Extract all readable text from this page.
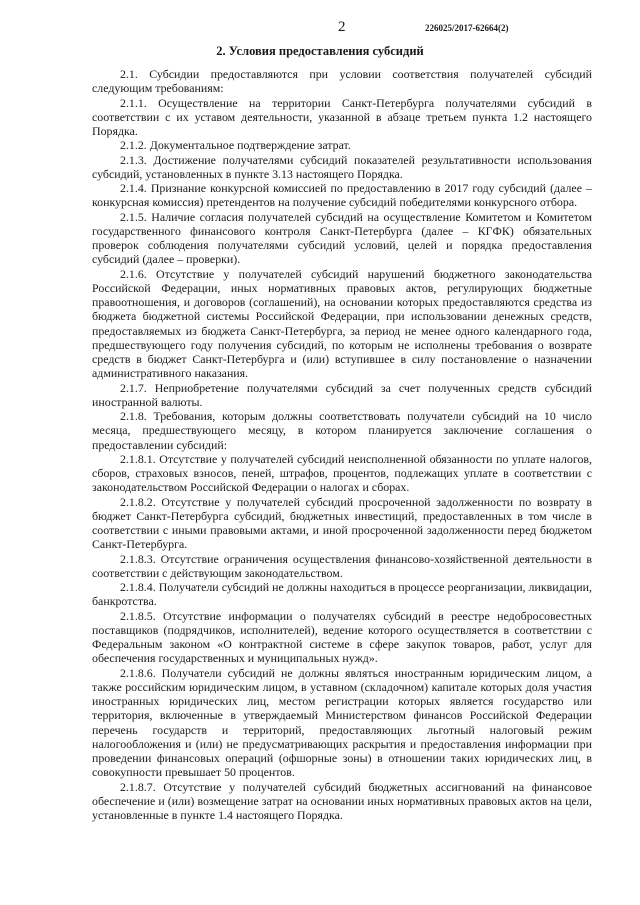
2	226025/2017-62664(2)
2. Условия предоставления субсидий

2.1. Субсидии предоставляются при условии соответствия получателей субсидий следующим требованиям:

2.1.1. Осуществление на территории Санкт-Петербурга получателями субсидий в соответствии с их уставом деятельности, указанной в абзаце третьем пункта 1.2 настоящего Порядка.

2.1.2. Документальное подтверждение затрат.

2.1.3. Достижение получателями субсидий показателей результативности использования субсидий, установленных в пункте 3.13 настоящего Порядка.

2.1.4. Признание конкурсной комиссией по предоставлению в 2017 году субсидий (далее – конкурсная комиссия) претендентов на получение субсидий победителями конкурсного отбора.

2.1.5. Наличие согласия получателей субсидий на осуществление Комитетом и Комитетом государственного финансового контроля Санкт-Петербурга (далее – КГФК) обязательных проверок соблюдения получателями субсидий условий, целей и порядка предоставления субсидий (далее – проверки).

2.1.6. Отсутствие у получателей субсидий нарушений бюджетного законодательства Российской Федерации, иных нормативных правовых актов, регулирующих бюджетные правоотношения, и договоров (соглашений), на основании которых предоставляются средства из бюджета бюджетной системы Российской Федерации, при использовании денежных средств, предоставляемых из бюджета Санкт-Петербурга, за период не менее одного календарного года, предшествующего году получения субсидий, по которым не исполнены требования о возврате средств в бюджет Санкт-Петербурга и (или) вступившее в силу постановление о назначении административного наказания.

2.1.7. Неприобретение получателями субсидий за счет полученных средств субсидий иностранной валюты.

2.1.8. Требования, которым должны соответствовать получатели субсидий на 10 число месяца, предшествующего месяцу, в котором планируется заключение соглашения о предоставлении субсидий:

2.1.8.1. Отсутствие у получателей субсидий неисполненной обязанности по уплате налогов, сборов, страховых взносов, пеней, штрафов, процентов, подлежащих уплате в соответствии с законодательством Российской Федерации о налогах и сборах.

2.1.8.2. Отсутствие у получателей субсидий просроченной задолженности по возврату в бюджет Санкт-Петербурга субсидий, бюджетных инвестиций, предоставленных в том числе в соответствии с иными правовыми актами, и иной просроченной задолженности перед бюджетом Санкт-Петербурга.

2.1.8.3. Отсутствие ограничения осуществления финансово-хозяйственной деятельности в соответствии с действующим законодательством.

2.1.8.4. Получатели субсидий не должны находиться в процессе реорганизации, ликвидации, банкротства.

2.1.8.5. Отсутствие информации о получателях субсидий в реестре недобросовестных поставщиков (подрядчиков, исполнителей), ведение которого осуществляется в соответствии с Федеральным законом «О контрактной системе в сфере закупок товаров, работ, услуг для обеспечения государственных и муниципальных нужд».

2.1.8.6. Получатели субсидий не должны являться иностранным юридическим лицом, а также российским юридическим лицом, в уставном (складочном) капитале которых доля участия иностранных юридических лиц, местом регистрации которых является государство или территория, включенные в утверждаемый Министерством финансов Российской Федерации перечень государств и территорий, предоставляющих льготный налоговый режим налогообложения и (или) не предусматривающих раскрытия и предоставления информации при проведении финансовых операций (офшорные зоны) в отношении таких юридических лиц, в совокупности превышает 50 процентов.

2.1.8.7. Отсутствие у получателей субсидий бюджетных ассигнований на финансовое обеспечение и (или) возмещение затрат на основании иных нормативных правовых актов на цели, установленные в пункте 1.4 настоящего Порядка.
